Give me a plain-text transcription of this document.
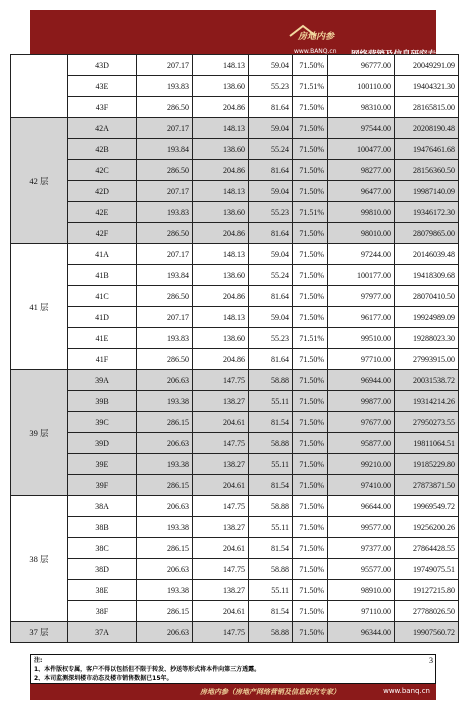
房地内参
www.BANQ.cn 网络营销及信息研究专家
	43D	207.17	148.13	59.04	71.50%	96777.00	20049291.09
	43E	193.83	138.60	55.23	71.51%	100110.00	19404321.30
	43F	286.50	204.86	81.64	71.50%	98310.00	28165815.00
42 层	42A	207.17	148.13	59.04	71.50%	97544.00	20208190.48
	42B	193.84	138.60	55.24	71.50%	100477.00	19476461.68
	42C	286.50	204.86	81.64	71.50%	98277.00	28156360.50
	42D	207.17	148.13	59.04	71.50%	96477.00	19987140.09
	42E	193.83	138.60	55.23	71.51%	99810.00	19346172.30
	42F	286.50	204.86	81.64	71.50%	98010.00	28079865.00
41 层	41A	207.17	148.13	59.04	71.50%	97244.00	20146039.48
	41B	193.84	138.60	55.24	71.50%	100177.00	19418309.68
	41C	286.50	204.86	81.64	71.50%	97977.00	28070410.50
	41D	207.17	148.13	59.04	71.50%	96177.00	19924989.09
	41E	193.83	138.60	55.23	71.51%	99510.00	19288023.30
	41F	286.50	204.86	81.64	71.50%	97710.00	27993915.00
39 层	39A	206.63	147.75	58.88	71.50%	96944.00	20031538.72
	39B	193.38	138.27	55.11	71.50%	99877.00	19314214.26
	39C	286.15	204.61	81.54	71.50%	97677.00	27950273.55
	39D	206.63	147.75	58.88	71.50%	95877.00	19811064.51
	39E	193.38	138.27	55.11	71.50%	99210.00	19185229.80
	39F	286.15	204.61	81.54	71.50%	97410.00	27873871.50
38 层	38A	206.63	147.75	58.88	71.50%	96644.00	19969549.72
	38B	193.38	138.27	55.11	71.50%	99577.00	19256200.26
	38C	286.15	204.61	81.54	71.50%	97377.00	27864428.55
	38D	206.63	147.75	58.88	71.50%	95577.00	19749075.51
	38E	193.38	138.27	55.11	71.50%	98910.00	19127215.80
	38F	286.15	204.61	81.54	71.50%	97110.00	27788026.50
37 层	37A	206.63	147.75	58.88	71.50%	96344.00	19907560.72
注:
1、本件版权专属，客户不得以包括但不限于转发、抄送等形式将本件向第三方透露。
2、本司监测深圳楼市动态及楼市销售数据已15年。
3
房地内参（房地产网络营销及信息研究专家）	www.banq.cn
